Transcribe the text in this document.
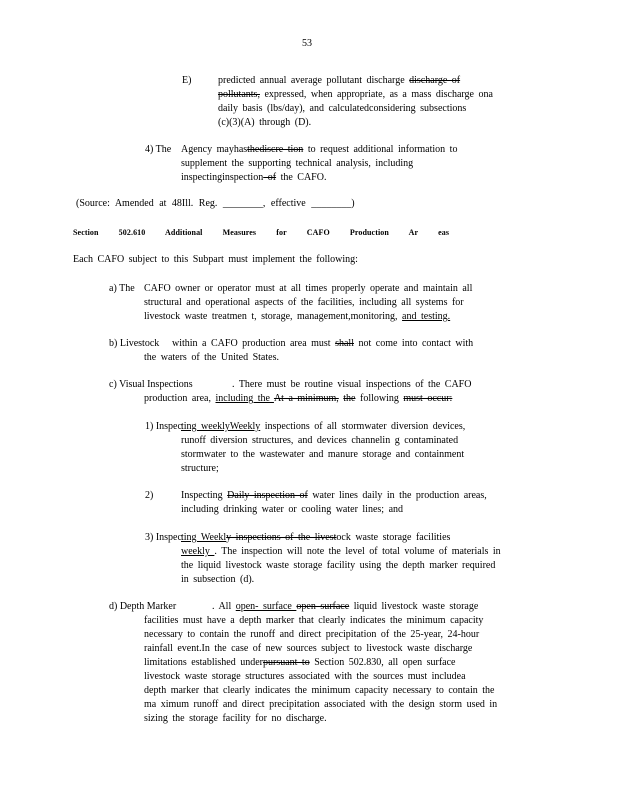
53
E)	predicted annual average pollutant discharge discharge of
pollutants, expressed, when appropriate, as a mass discharge ona
daily basis (lbs/day), and calculatedconsidering subsections
(c)(3)(A) through (D).
4) The Agency mayhasthediscre tion to request additional information to
supplement the supporting technical analysis, including
inspectinginspection of the CAFO.
(Source: Amended at 48Ill. Reg. ________, effective ________)
Section 502.610 Additional Measures for CAFO Production Ar eas
Each CAFO subject to this Subpart must implement the following:
a) The CAFO owner or operator must at all times properly operate and maintain all
structural and operational aspects of the facilities, including all systems for
livestock waste treatmen t, storage, management,monitoring, and testing.
b) Livestock within a CAFO production area must shall not come into contact with
the waters of the United States.
c) Visual Inspections	. There must be routine visual inspections of the CAFO
production area, including the At a minimum, the following must occur:
1) Inspec ting weeklyWeekly inspections of all stormwater diversion devices,
runoff diversion structures, and devices channelin g contaminated
stormwater to the wastewater and manure storage and containment
structure;
2)	Inspecting Daily inspection of water lines daily in the production areas,
including drinking water or cooling water lines; and
3) Inspec ting Weekly inspections of the livestock waste storage facilities
weekly . The inspection will note the level of total volume of materials in
the liquid livestock waste storage facility using the depth marker required
in subsection (d).
d) Depth Marker	. All open- surface open surface liquid livestock waste storage
facilities must have a depth marker that clearly indicates the minimum capacity
necessary to contain the runoff and direct precipitation of the 25-year, 24-hour
rainfall event.In the case of new sources subject to livestock waste discharge
limitations established underpursuant to Section 502.830, all open surface
livestock waste storage structures associated with the sources must includea
depth marker that clearly indicates the minimum capacity necessary to contain the
ma ximum runoff and direct precipitation associated with the design storm used in
sizing the storage facility for no discharge.
